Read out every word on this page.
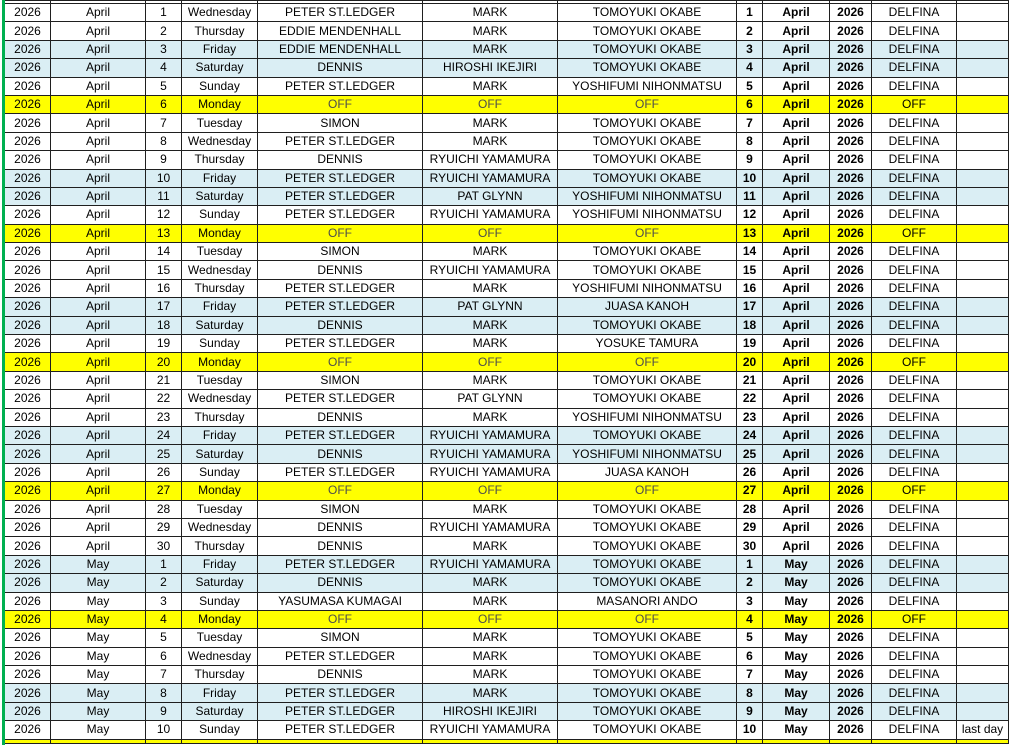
2026	April	1	Wednesday	PETER ST.LEDGER	MARK	TOMOYUKI OKABE	1	April	2026	DELFINA	
2026	April	2	Thursday	EDDIE MENDENHALL	MARK	TOMOYUKI OKABE	2	April	2026	DELFINA	
2026	April	3	Friday	EDDIE MENDENHALL	MARK	TOMOYUKI OKABE	3	April	2026	DELFINA	
2026	April	4	Saturday	DENNIS	HIROSHI IKEJIRI	TOMOYUKI OKABE	4	April	2026	DELFINA	
2026	April	5	Sunday	PETER ST.LEDGER	MARK	YOSHIFUMI NIHONMATSU	5	April	2026	DELFINA	
2026	April	6	Monday	OFF	OFF	OFF	6	April	2026	OFF	
2026	April	7	Tuesday	SIMON	MARK	TOMOYUKI OKABE	7	April	2026	DELFINA	
2026	April	8	Wednesday	PETER ST.LEDGER	MARK	TOMOYUKI OKABE	8	April	2026	DELFINA	
2026	April	9	Thursday	DENNIS	RYUICHI YAMAMURA	TOMOYUKI OKABE	9	April	2026	DELFINA	
2026	April	10	Friday	PETER ST.LEDGER	RYUICHI YAMAMURA	TOMOYUKI OKABE	10	April	2026	DELFINA	
2026	April	11	Saturday	PETER ST.LEDGER	PAT GLYNN	YOSHIFUMI NIHONMATSU	11	April	2026	DELFINA	
2026	April	12	Sunday	PETER ST.LEDGER	RYUICHI YAMAMURA	YOSHIFUMI NIHONMATSU	12	April	2026	DELFINA	
2026	April	13	Monday	OFF	OFF	OFF	13	April	2026	OFF	
2026	April	14	Tuesday	SIMON	MARK	TOMOYUKI OKABE	14	April	2026	DELFINA	
2026	April	15	Wednesday	DENNIS	RYUICHI YAMAMURA	TOMOYUKI OKABE	15	April	2026	DELFINA	
2026	April	16	Thursday	PETER ST.LEDGER	MARK	YOSHIFUMI NIHONMATSU	16	April	2026	DELFINA	
2026	April	17	Friday	PETER ST.LEDGER	PAT GLYNN	JUASA KANOH	17	April	2026	DELFINA	
2026	April	18	Saturday	DENNIS	MARK	TOMOYUKI OKABE	18	April	2026	DELFINA	
2026	April	19	Sunday	PETER ST.LEDGER	MARK	YOSUKE TAMURA	19	April	2026	DELFINA	
2026	April	20	Monday	OFF	OFF	OFF	20	April	2026	OFF	
2026	April	21	Tuesday	SIMON	MARK	TOMOYUKI OKABE	21	April	2026	DELFINA	
2026	April	22	Wednesday	PETER ST.LEDGER	PAT GLYNN	TOMOYUKI OKABE	22	April	2026	DELFINA	
2026	April	23	Thursday	DENNIS	MARK	YOSHIFUMI NIHONMATSU	23	April	2026	DELFINA	
2026	April	24	Friday	PETER ST.LEDGER	RYUICHI YAMAMURA	TOMOYUKI OKABE	24	April	2026	DELFINA	
2026	April	25	Saturday	DENNIS	RYUICHI YAMAMURA	YOSHIFUMI NIHONMATSU	25	April	2026	DELFINA	
2026	April	26	Sunday	PETER ST.LEDGER	RYUICHI YAMAMURA	JUASA KANOH	26	April	2026	DELFINA	
2026	April	27	Monday	OFF	OFF	OFF	27	April	2026	OFF	
2026	April	28	Tuesday	SIMON	MARK	TOMOYUKI OKABE	28	April	2026	DELFINA	
2026	April	29	Wednesday	DENNIS	RYUICHI YAMAMURA	TOMOYUKI OKABE	29	April	2026	DELFINA	
2026	April	30	Thursday	DENNIS	MARK	TOMOYUKI OKABE	30	April	2026	DELFINA	
2026	May	1	Friday	PETER ST.LEDGER	RYUICHI YAMAMURA	TOMOYUKI OKABE	1	May	2026	DELFINA	
2026	May	2	Saturday	DENNIS	MARK	TOMOYUKI OKABE	2	May	2026	DELFINA	
2026	May	3	Sunday	YASUMASA KUMAGAI	MARK	MASANORI ANDO	3	May	2026	DELFINA	
2026	May	4	Monday	OFF	OFF	OFF	4	May	2026	OFF	
2026	May	5	Tuesday	SIMON	MARK	TOMOYUKI OKABE	5	May	2026	DELFINA	
2026	May	6	Wednesday	PETER ST.LEDGER	MARK	TOMOYUKI OKABE	6	May	2026	DELFINA	
2026	May	7	Thursday	DENNIS	MARK	TOMOYUKI OKABE	7	May	2026	DELFINA	
2026	May	8	Friday	PETER ST.LEDGER	MARK	TOMOYUKI OKABE	8	May	2026	DELFINA	
2026	May	9	Saturday	PETER ST.LEDGER	HIROSHI IKEJIRI	TOMOYUKI OKABE	9	May	2026	DELFINA	
2026	May	10	Sunday	PETER ST.LEDGER	RYUICHI YAMAMURA	TOMOYUKI OKABE	10	May	2026	DELFINA	last day
